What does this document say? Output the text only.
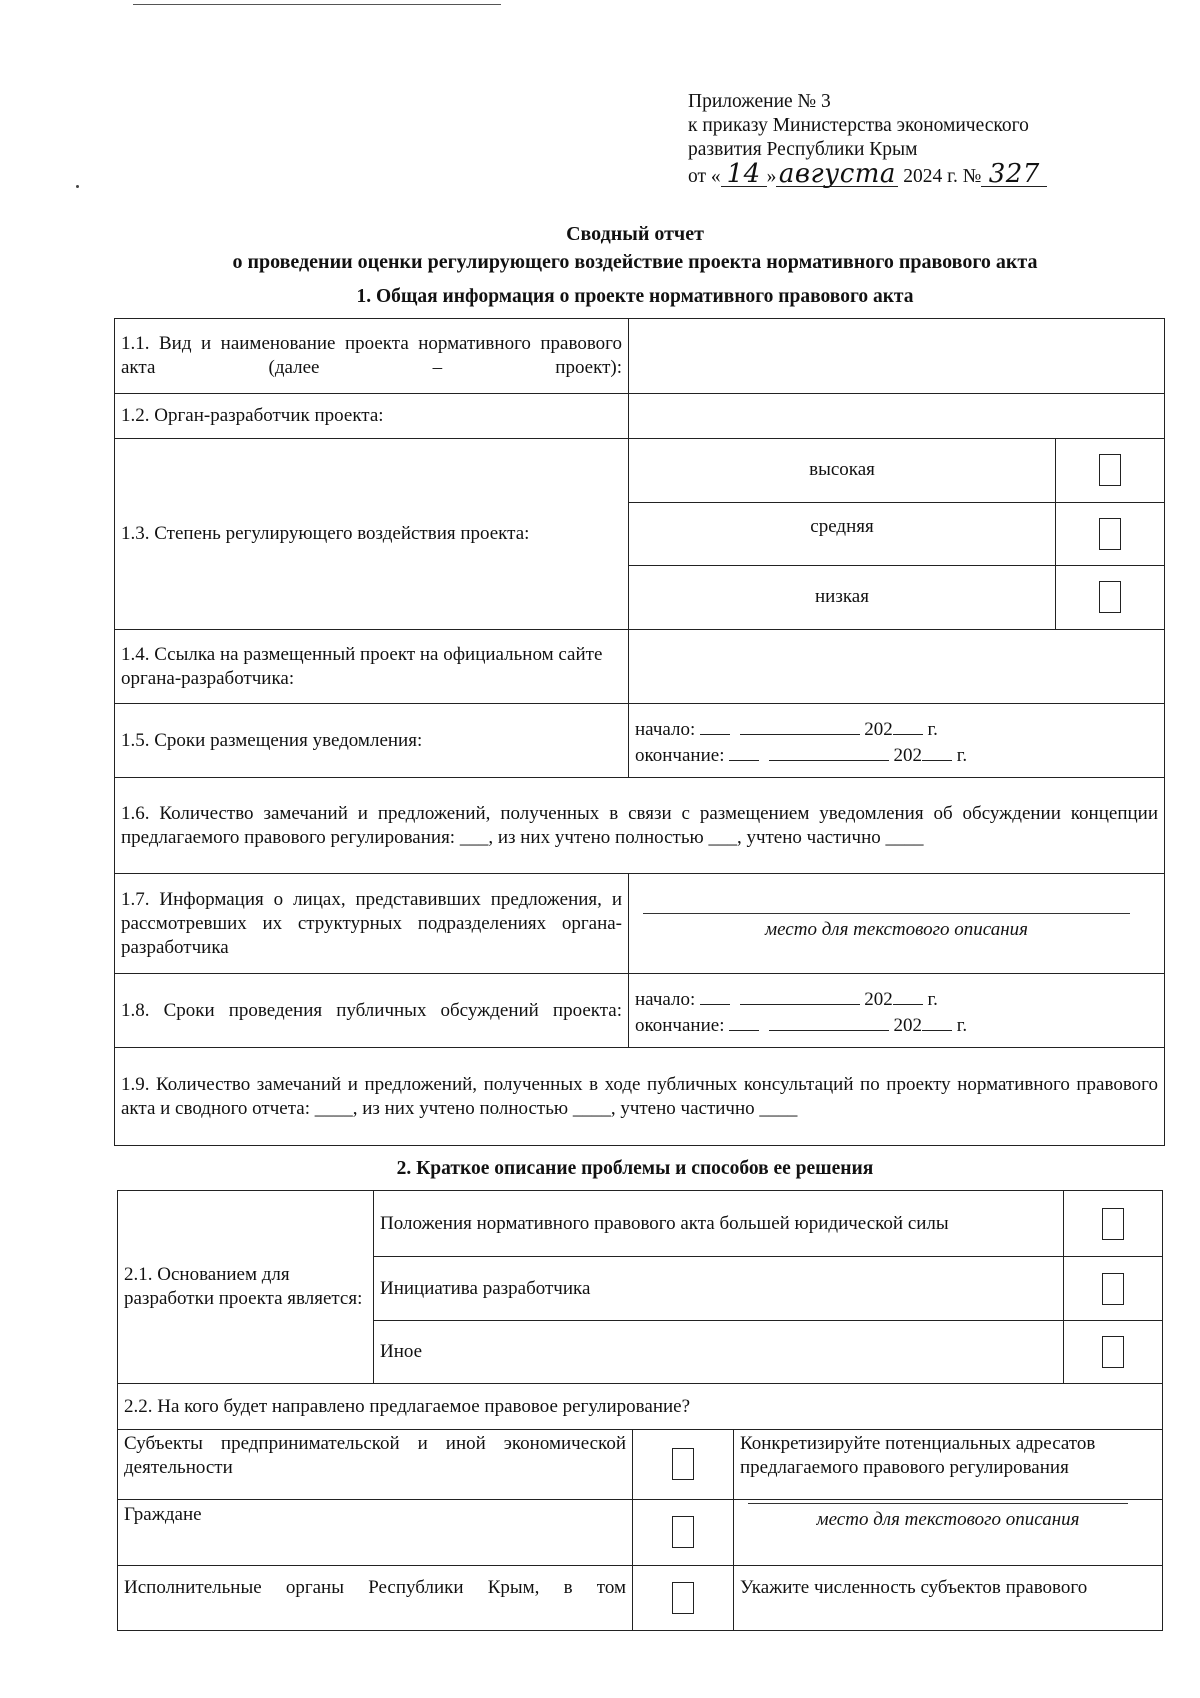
Приложение № 3
к приказу Министерства экономического
развития Республики Крым
от « 14 »августа 2024 г. № 327
Сводный отчет
о проведении оценки регулирующего воздействие проекта нормативного правового акта
1. Общая информация о проекте нормативного правового акта
1.1. Вид и наименование проекта нормативного правового акта (далее – проект):	
1.2. Орган-разработчик проекта:	
1.3. Степень регулирующего воздействия проекта:	
высокая	
средняя	
низкая	

1.4. Ссылка на размещенный проект на официальном сайте органа-разработчика:	
1.5. Сроки размещения уведомления:	
начало:	202 г.
окончание:	202 г.

1.6. Количество замечаний и предложений, полученных в связи с размещением уведомления об обсуждении концепции предлагаемого правового регулирования: ___, из них учтено полностью ___, учтено частично ____
1.7. Информация о лицах, представивших предложения, и рассмотревших их структурных подразделениях органа-разработчика	
место для текстового описания

1.8. Сроки проведения публичных обсуждений проекта:	
начало:	202 г.
окончание:	202 г.

1.9. Количество замечаний и предложений, полученных в ходе публичных консультаций по проекту нормативного правового акта и сводного отчета: ____, из них учтено полностью ____, учтено частично ____
2. Краткое описание проблемы и способов ее решения
2.1. Основанием для разработки проекта является:	Положения нормативного правового акта большей юридической силы	
	Инициатива разработчика	
	Иное	
2.2. На кого будет направлено предлагаемое правовое регулирование?		
Субъекты предпринимательской и иной экономической деятельности		Конкретизируйте потенциальных адресатов предлагаемого правового регулирования
Граждане		место для текстового описания

Исполнительные органы Республики Крым, в том		Укажите численность субъектов правового
